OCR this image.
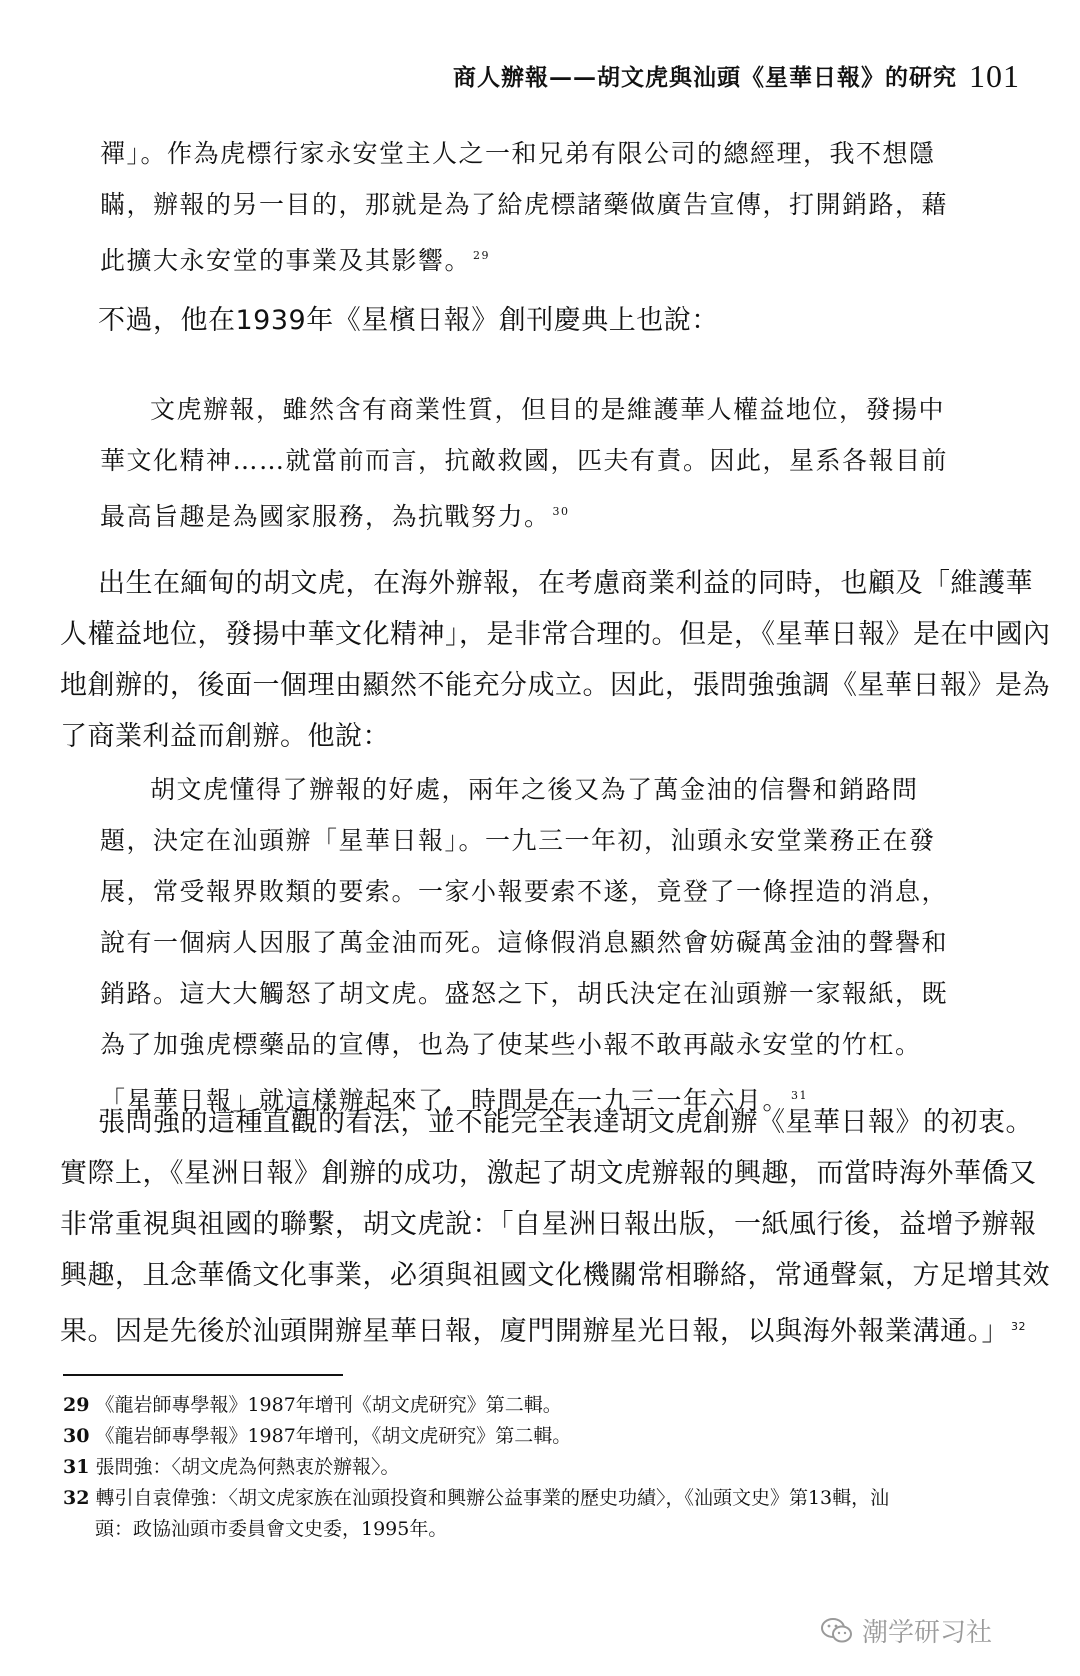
商人辦報——胡文虎與汕頭《星華日報》的研究 101
禪」。作為虎標行家永安堂主人之一和兄弟有限公司的總經理，我不想隱
瞞，辦報的另一目的，那就是為了給虎標諸藥做廣告宣傳，打開銷路，藉
此擴大永安堂的事業及其影響。 $^{29}$
不過，他在1939年《星檳日報》創刊慶典上也說：
文虎辦報，雖然含有商業性質，但目的是維護華人權益地位，發揚中
華文化精神……就當前而言，抗敵救國，匹夫有責。因此，星系各報目前
最高旨趣是為國家服務，為抗戰努力。 $^{30}$
出生在緬甸的胡文虎，在海外辦報，在考慮商業利益的同時，也顧及「維護華
人權益地位，發揚中華文化精神」，是非常合理的。但是，《星華日報》是在中國內
地創辦的，後面一個理由顯然不能充分成立。因此，張問強強調《星華日報》是為
了商業利益而創辦。他說：
胡文虎懂得了辦報的好處，兩年之後又為了萬金油的信譽和銷路問
題，決定在汕頭辦「星華日報」。一九三一年初，汕頭永安堂業務正在發
展，常受報界敗類的要索。一家小報要索不遂，竟登了一條捏造的消息，
說有一個病人因服了萬金油而死。這條假消息顯然會妨礙萬金油的聲譽和
銷路。這大大觸怒了胡文虎。盛怒之下，胡氏決定在汕頭辦一家報紙，既
為了加強虎標藥品的宣傳，也為了使某些小報不敢再敲永安堂的竹杠。
「星華日報」就這樣辦起來了，時間是在一九三一年六月。 $^{31}$
張問強的這種直觀的看法，並不能完全表達胡文虎創辦《星華日報》的初衷。
實際上，《星洲日報》創辦的成功，激起了胡文虎辦報的興趣，而當時海外華僑又
非常重視與祖國的聯繫，胡文虎說：「自星洲日報出版，一紙風行後，益增予辦報
興趣，且念華僑文化事業，必須與祖國文化機關常相聯絡，常通聲氣，方足增其效
果。因是先後於汕頭開辦星華日報，廈門開辦星光日報，以與海外報業溝通。」 $^{32}$
29 《龍岩師專學報》1987年增刊《胡文虎研究》第二輯。
30 《龍岩師專學報》1987年增刊，《胡文虎研究》第二輯。
31 張問強：〈胡文虎為何熱衷於辦報〉。
32 轉引自袁偉強：〈胡文虎家族在汕頭投資和興辦公益事業的歷史功績〉，《汕頭文史》第13輯，汕
頭：政協汕頭市委員會文史委，1995年。
潮学研习社
